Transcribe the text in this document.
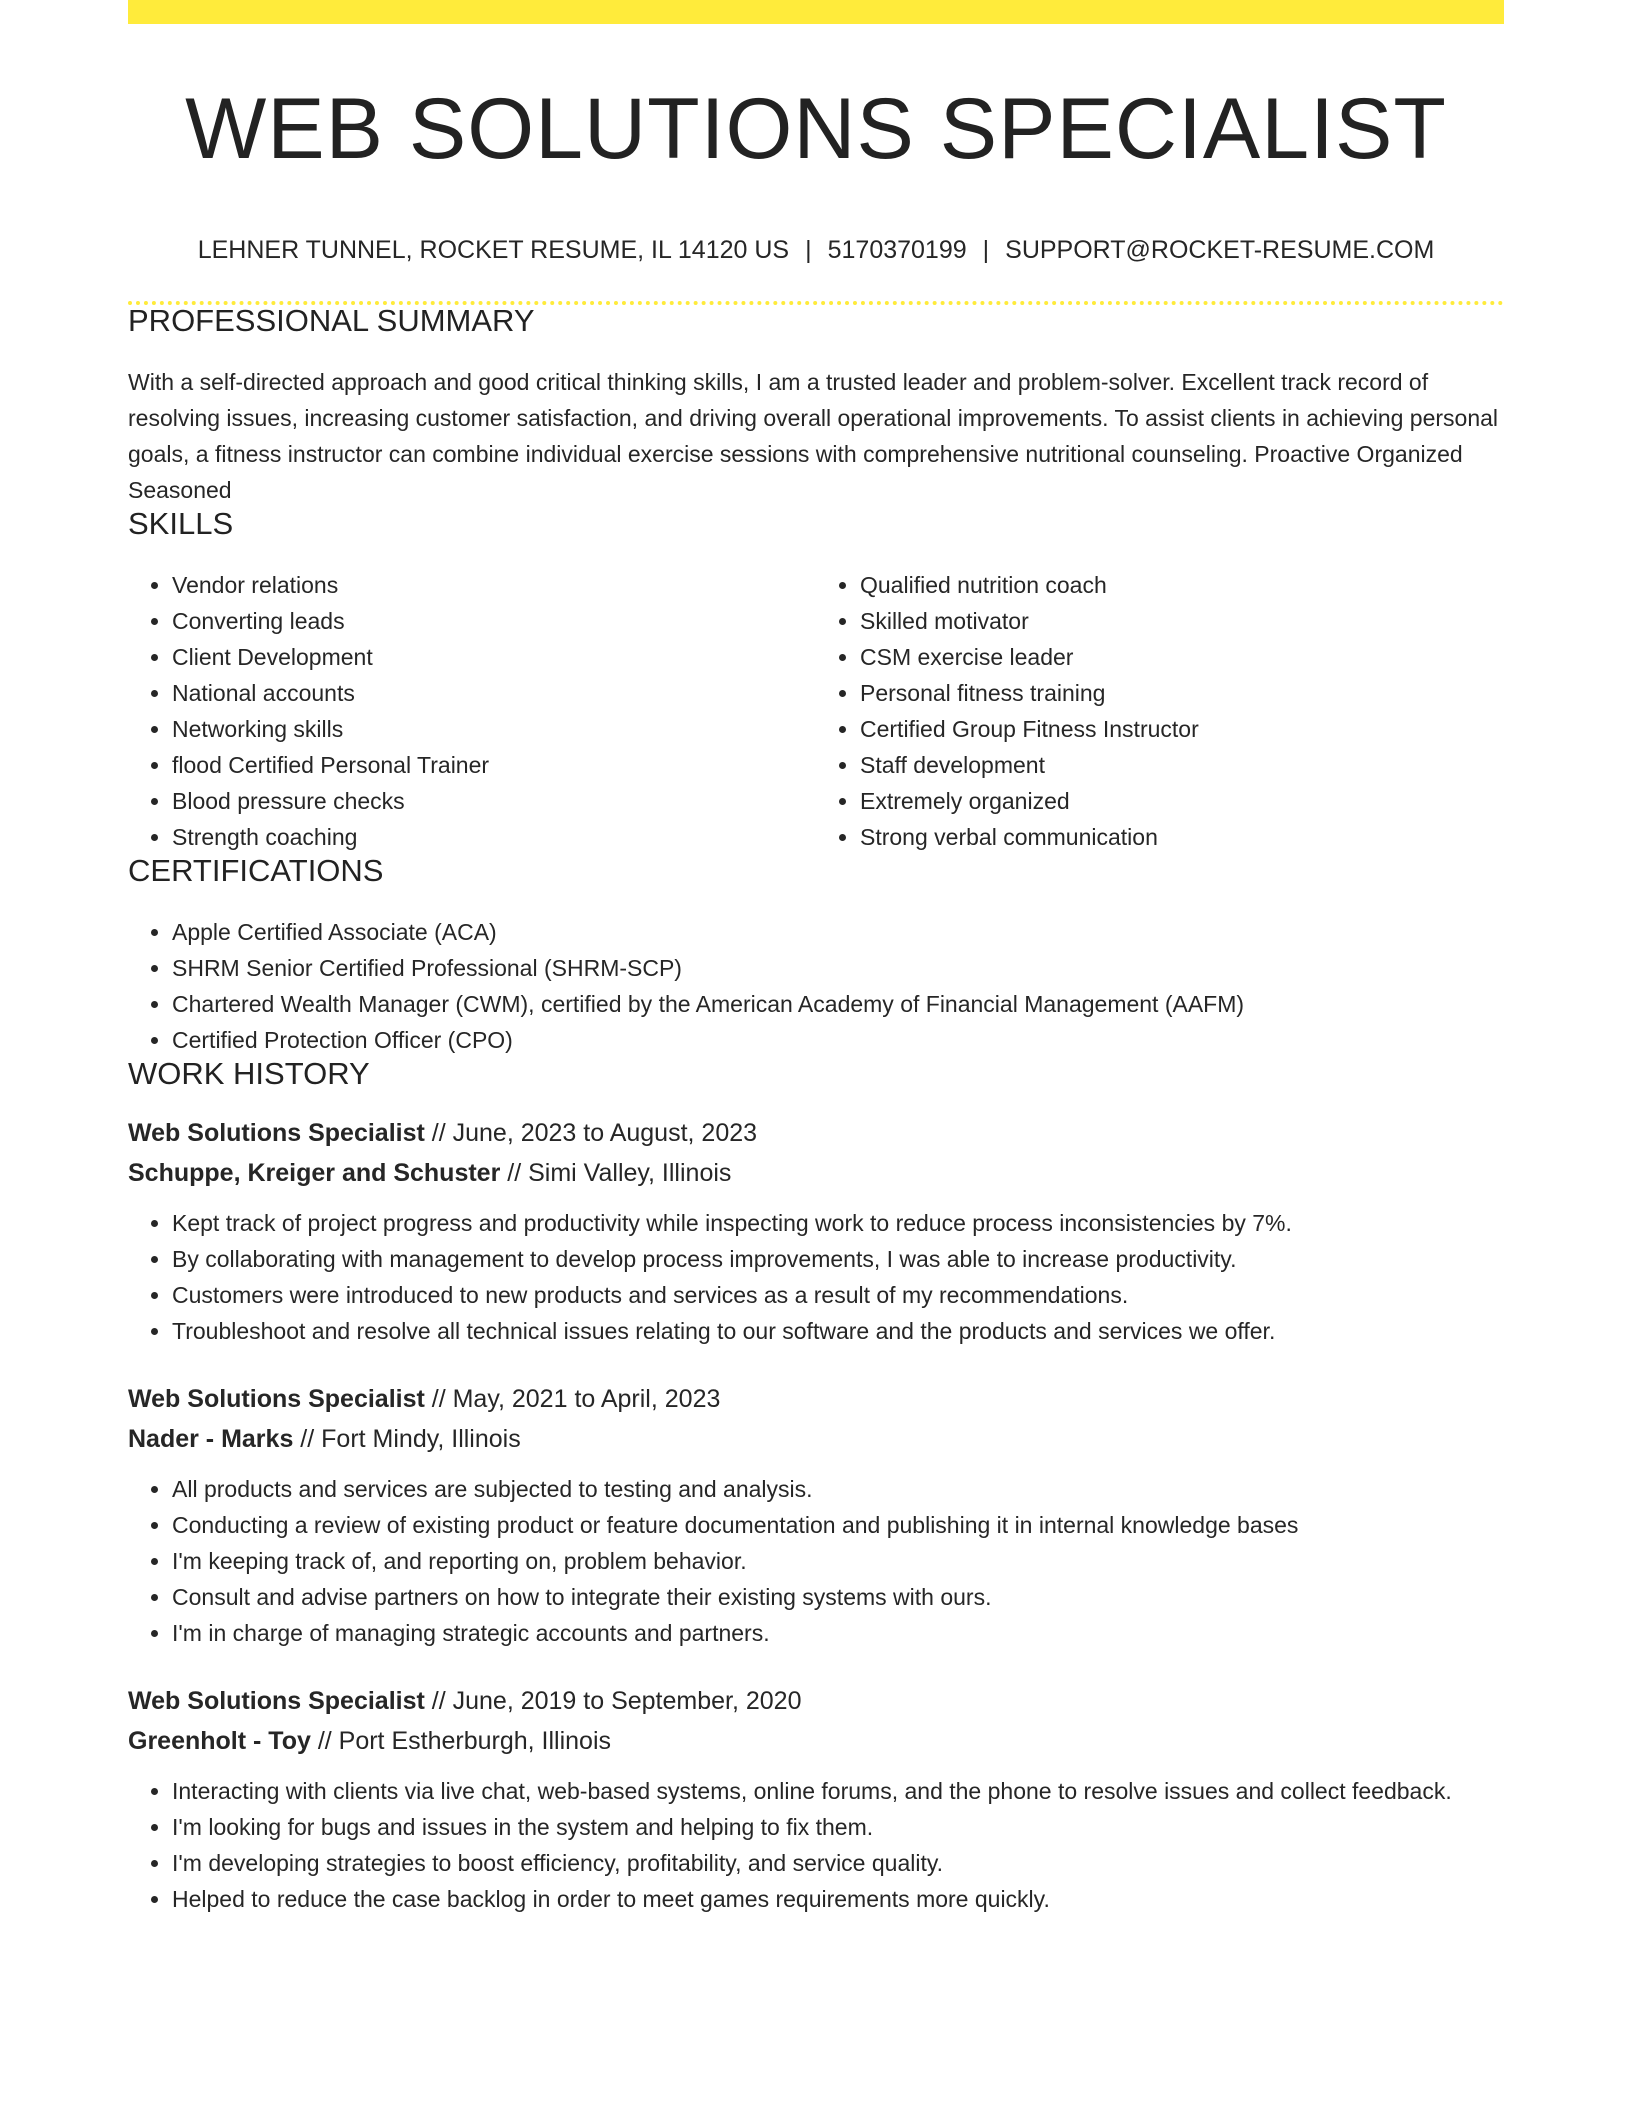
WEB SOLUTIONS SPECIALIST
LEHNER TUNNEL, ROCKET RESUME, IL 14120 US | 5170370199 | SUPPORT@ROCKET-RESUME.COM
PROFESSIONAL SUMMARY

With a self-directed approach and good critical thinking skills, I am a trusted leader and problem-solver. Excellent track record of resolving issues, increasing customer satisfaction, and driving overall operational improvements. To assist clients in achieving personal goals, a fitness instructor can combine individual exercise sessions with comprehensive nutritional counseling. Proactive Organized Seasoned

SKILLS
• Vendor relations
• Converting leads
• Client Development
• National accounts
• Networking skills
• flood Certified Personal Trainer
• Blood pressure checks
• Strength coaching
• Qualified nutrition coach
• Skilled motivator
• CSM exercise leader
• Personal fitness training
• Certified Group Fitness Instructor
• Staff development
• Extremely organized
• Strong verbal communication
CERTIFICATIONS
• Apple Certified Associate (ACA)
• SHRM Senior Certified Professional (SHRM-SCP)
• Chartered Wealth Manager (CWM), certified by the American Academy of Financial Management (AAFM)
• Certified Protection Officer (CPO)
WORK HISTORY
Web Solutions Specialist // June, 2023 to August, 2023
Schuppe, Kreiger and Schuster // Simi Valley, Illinois
• Kept track of project progress and productivity while inspecting work to reduce process inconsistencies by 7%.
• By collaborating with management to develop process improvements, I was able to increase productivity.
• Customers were introduced to new products and services as a result of my recommendations.
• Troubleshoot and resolve all technical issues relating to our software and the products and services we offer.
Web Solutions Specialist // May, 2021 to April, 2023
Nader - Marks // Fort Mindy, Illinois
• All products and services are subjected to testing and analysis.
• Conducting a review of existing product or feature documentation and publishing it in internal knowledge bases
• I'm keeping track of, and reporting on, problem behavior.
• Consult and advise partners on how to integrate their existing systems with ours.
• I'm in charge of managing strategic accounts and partners.
Web Solutions Specialist // June, 2019 to September, 2020
Greenholt - Toy // Port Estherburgh, Illinois
• Interacting with clients via live chat, web-based systems, online forums, and the phone to resolve issues and collect feedback.
• I'm looking for bugs and issues in the system and helping to fix them.
• I'm developing strategies to boost efficiency, profitability, and service quality.
• Helped to reduce the case backlog in order to meet games requirements more quickly.
